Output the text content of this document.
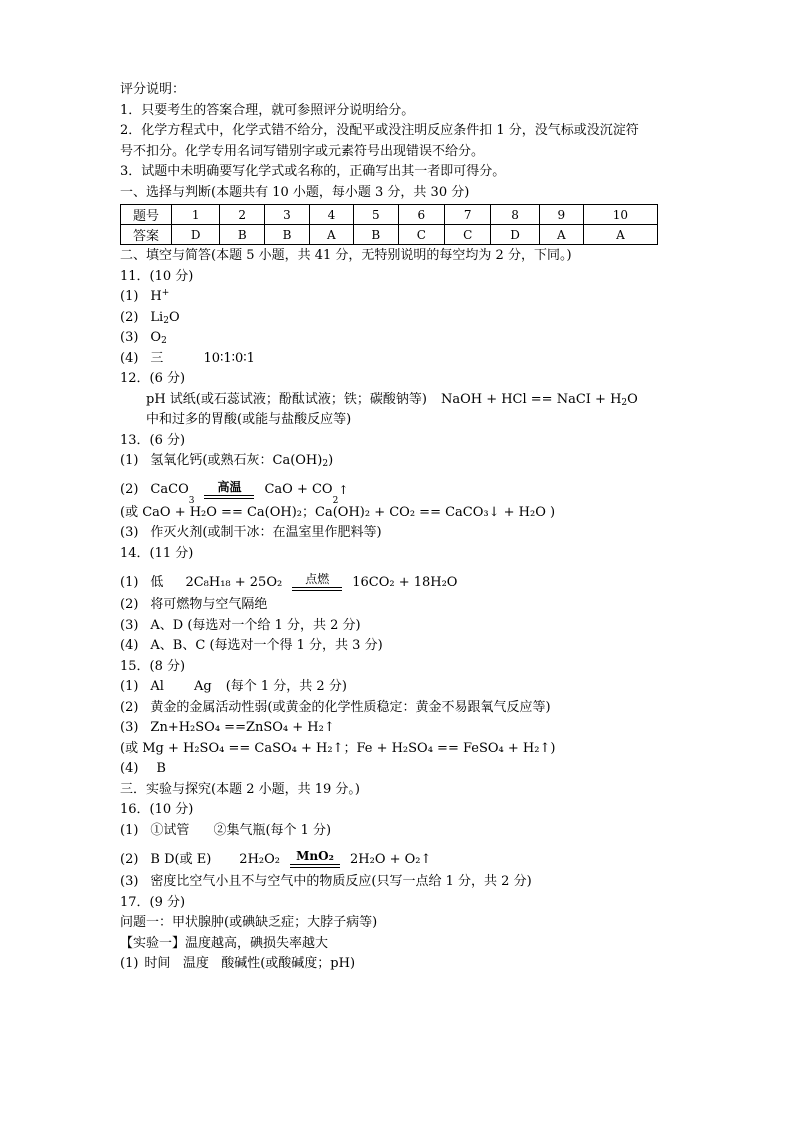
评分说明：
1．只要考生的答案合理，就可参照评分说明给分。
2．化学方程式中，化学式错不给分，没配平或没注明反应条件扣 1 分，没气标或没沉淀符
号不扣分。化学专用名词写错别字或元素符号出现错误不给分。
3．试题中未明确要写化学式或名称的，正确写出其一者即可得分。
一、选择与判断(本题共有 10 小题，每小题 3 分，共 30 分)
题号	1	2	3	4	5	6	7	8	9	10
答案	D	B	B	A	B	C	C	D	A	A
二、填空与简答(本题 5 小题，共 41 分，无特别说明的每空均为 2 分，下同。)
11．(10 分)
(1) H+
(2) $Li_2O$
(3) $O_2$
(4) 三	10∶1∶0∶1
12．(6 分)
pH 试纸(或石蕊试液；酚酞试液；铁；碳酸钠等) NaOH + HCl == NaCI + $H_2O$
中和过多的胃酸(或能与盐酸反应等)
13．(6 分)
(1) 氢氧化钙(或熟石灰：$Ca(OH)_2$)
(2) CaCO
3
高温 CaO + CO
2
↑
(或 CaO + H₂O == Ca(OH)₂；Ca(OH)₂ + CO₂ == CaCO₃↓ + H₂O )
(3) 作灭火剂(或制干冰：在温室里作肥料等)
14．(11 分)
(1) 低 2C₈H₁₈ + 25O₂ 点燃 16CO₂ + 18H₂O
(2) 将可燃物与空气隔绝
(3) A、D (每选对一个给 1 分，共 2 分)
(4) A、B、C (每选对一个得 1 分，共 3 分)
15．(8 分)
(1) Al Ag (每个 1 分，共 2 分)
(2) 黄金的金属活动性弱(或黄金的化学性质稳定：黄金不易跟氧气反应等)
(3) Zn+H₂SO₄ ==ZnSO₄ + H₂↑
(或 Mg + H₂SO₄ == CaSO₄ + H₂↑；Fe + H₂SO₄ == FeSO₄ + H₂↑)
(4) B
三．实验与探究(本题 2 小题，共 19 分。)
16．(10 分)
(1) ①试管 ②集气瓶(每个 1 分)
(2) B D(或 E) 2H₂O₂ MnO₂ 2H₂O + O₂↑
(3) 密度比空气小且不与空气中的物质反应(只写一点给 1 分，共 2 分)
17．(9 分)
问题一：甲状腺肿(或碘缺乏症；大脖子病等)
【实验一】温度越高，碘损失率越大
(1) 时间   温度   酸碱性(或酸碱度；pH)
